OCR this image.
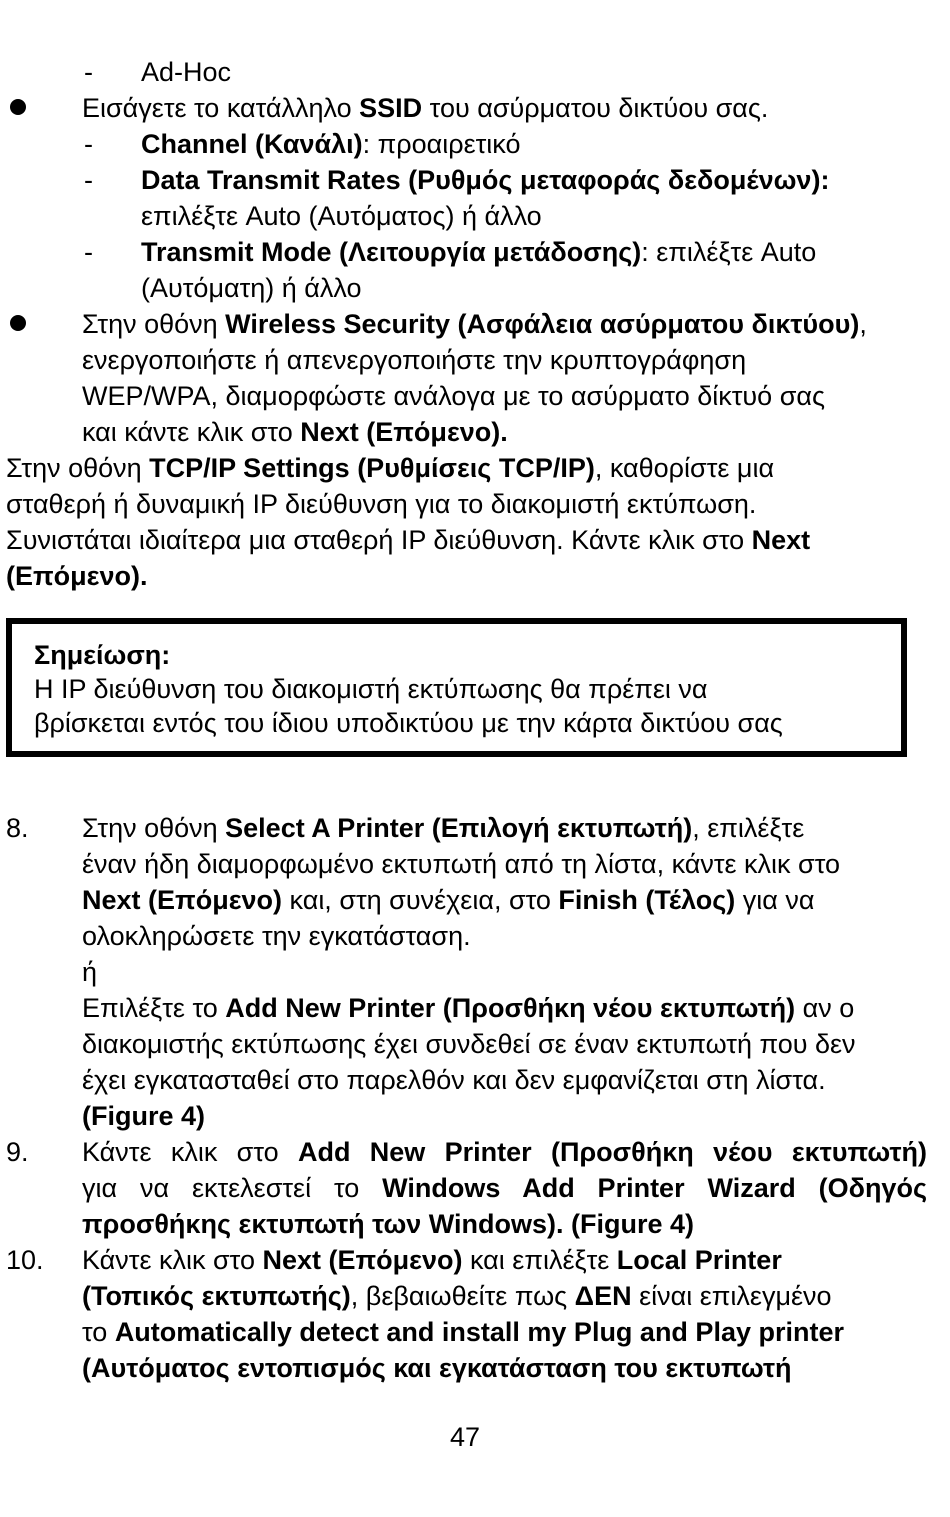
- Ad-Hoc
Εισάγετε το κατάλληλο SSID του ασύρματου δικτύου σας.
- Channel (Κανάλι): προαιρετικό
- Data Transmit Rates (Ρυθμός μεταφοράς δεδομένων):
επιλέξτε Auto (Αυτόματος) ή άλλο
- Transmit Mode (Λειτουργία μετάδοσης): επιλέξτε Auto
(Αυτόματη) ή άλλο
Στην οθόνη Wireless Security (Ασφάλεια ασύρματου δικτύου),
ενεργοποιήστε ή απενεργοποιήστε την κρυπτογράφηση
WEP/WPA, διαμορφώστε ανάλογα με το ασύρματο δίκτυό σας
και κάντε κλικ στο Next (Επόμενο).
Στην οθόνη TCP/IP Settings (Ρυθμίσεις TCP/IP), καθορίστε μια
σταθερή ή δυναμική IP διεύθυνση για το διακομιστή εκτύπωση.
Συνιστάται ιδιαίτερα μια σταθερή IP διεύθυνση. Κάντε κλικ στο Next
(Επόμενο).
Σημείωση:
Η IP διεύθυνση του διακομιστή εκτύπωσης θα πρέπει να
βρίσκεται εντός του ίδιου υποδικτύου με την κάρτα δικτύου σας
8. Στην οθόνη Select A Printer (Επιλογή εκτυπωτή), επιλέξτε
έναν ήδη διαμορφωμένο εκτυπωτή από τη λίστα, κάντε κλικ στο
Next (Επόμενο) και, στη συνέχεια, στο Finish (Τέλος) για να
ολοκληρώσετε την εγκατάσταση.
ή
Επιλέξτε το Add New Printer (Προσθήκη νέου εκτυπωτή) αν ο
διακομιστής εκτύπωσης έχει συνδεθεί σε έναν εκτυπωτή που δεν
έχει εγκατασταθεί στο παρελθόν και δεν εμφανίζεται στη λίστα.
(Figure 4)
9. Κάντε κλικ στο Add New Printer (Προσθήκη νέου εκτυπωτή)
για να εκτελεστεί το Windows Add Printer Wizard (Οδηγός
προσθήκης εκτυπωτή των Windows). (Figure 4)
10. Κάντε κλικ στο Next (Επόμενο) και επιλέξτε Local Printer
(Τοπικός εκτυπωτής), βεβαιωθείτε πως ΔΕΝ είναι επιλεγμένο
το Automatically detect and install my Plug and Play printer
(Αυτόματος εντοπισμός και εγκατάσταση του εκτυπωτή
47
